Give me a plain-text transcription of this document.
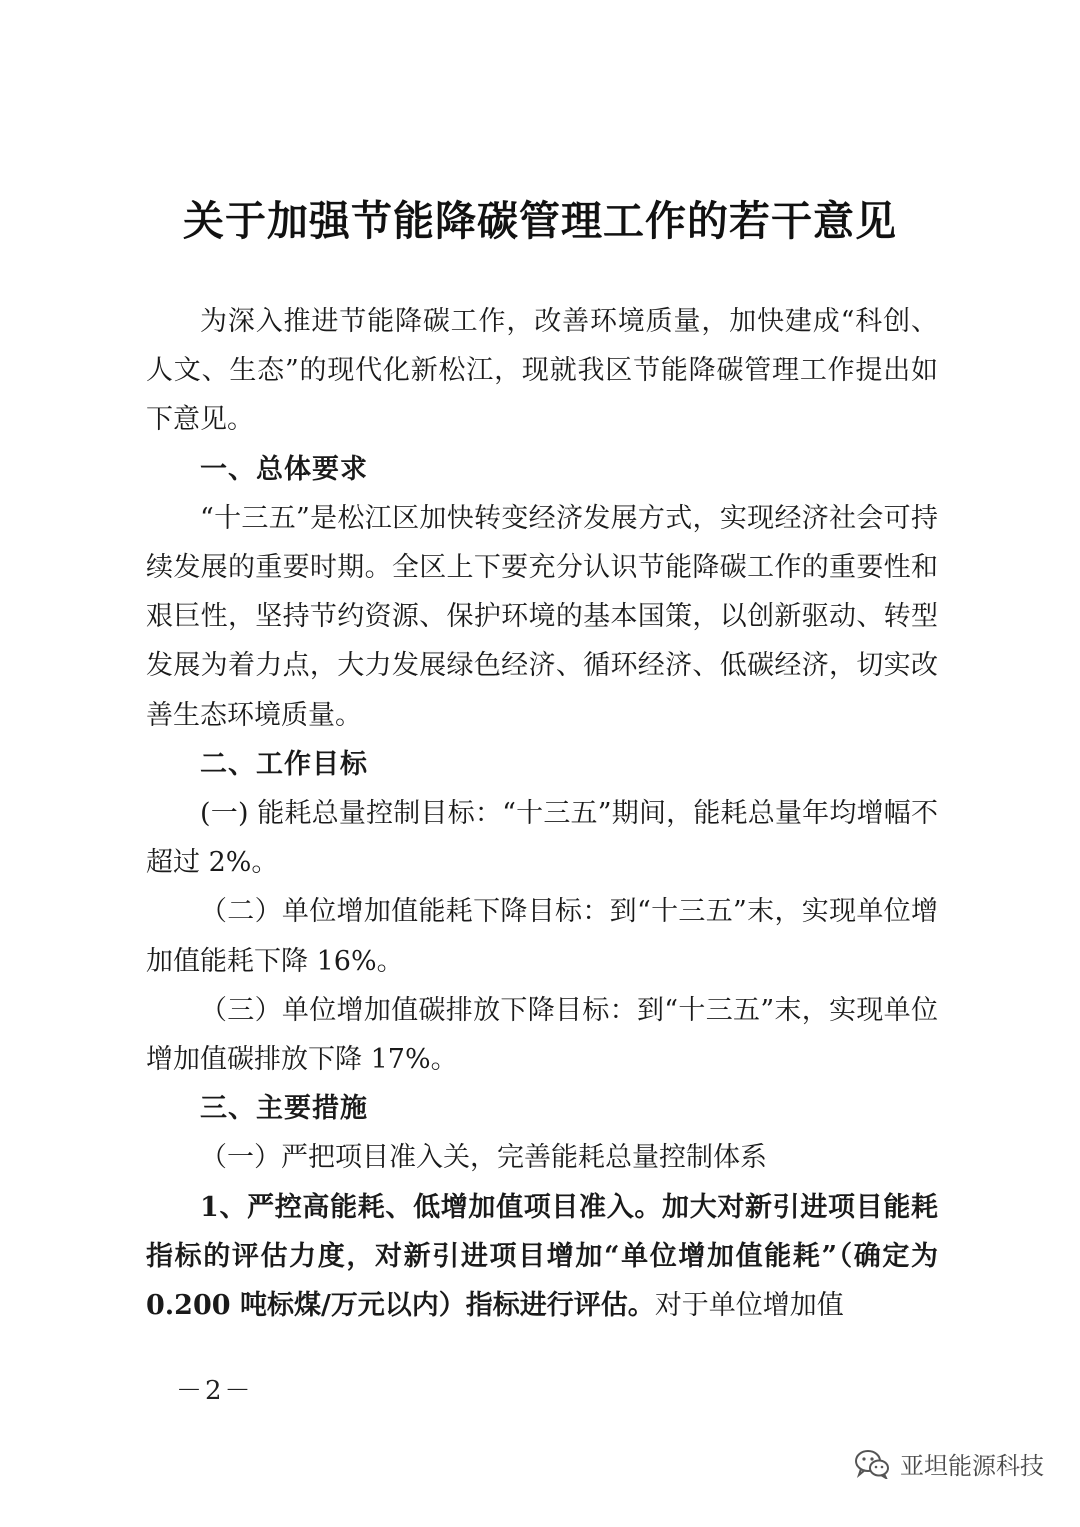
关于加强节能降碳管理工作的若干意见

为深入推进节能降碳工作，改善环境质量，加快建成“科创、人文、生态”的现代化新松江，现就我区节能降碳管理工作提出如下意见。

一、总体要求

“十三五”是松江区加快转变经济发展方式，实现经济社会可持续发展的重要时期。全区上下要充分认识节能降碳工作的重要性和艰巨性，坚持节约资源、保护环境的基本国策，以创新驱动、转型发展为着力点，大力发展绿色经济、循环经济、低碳经济，切实改善生态环境质量。

二、工作目标

(一) 能耗总量控制目标：“十三五”期间，能耗总量年均增幅不超过 2%。

（二）单位增加值能耗下降目标：到“十三五”末，实现单位增加值能耗下降 16%。

（三）单位增加值碳排放下降目标：到“十三五”末，实现单位增加值碳排放下降 17%。

三、主要措施

（一）严把项目准入关，完善能耗总量控制体系

1、严控高能耗、低增加值项目准入。加大对新引进项目能耗指标的评估力度，对新引进项目增加“单位增加值能耗”（确定为 0.200 吨标煤/万元以内）指标进行评估。对于单位增加值

－2－
亚坦能源科技
